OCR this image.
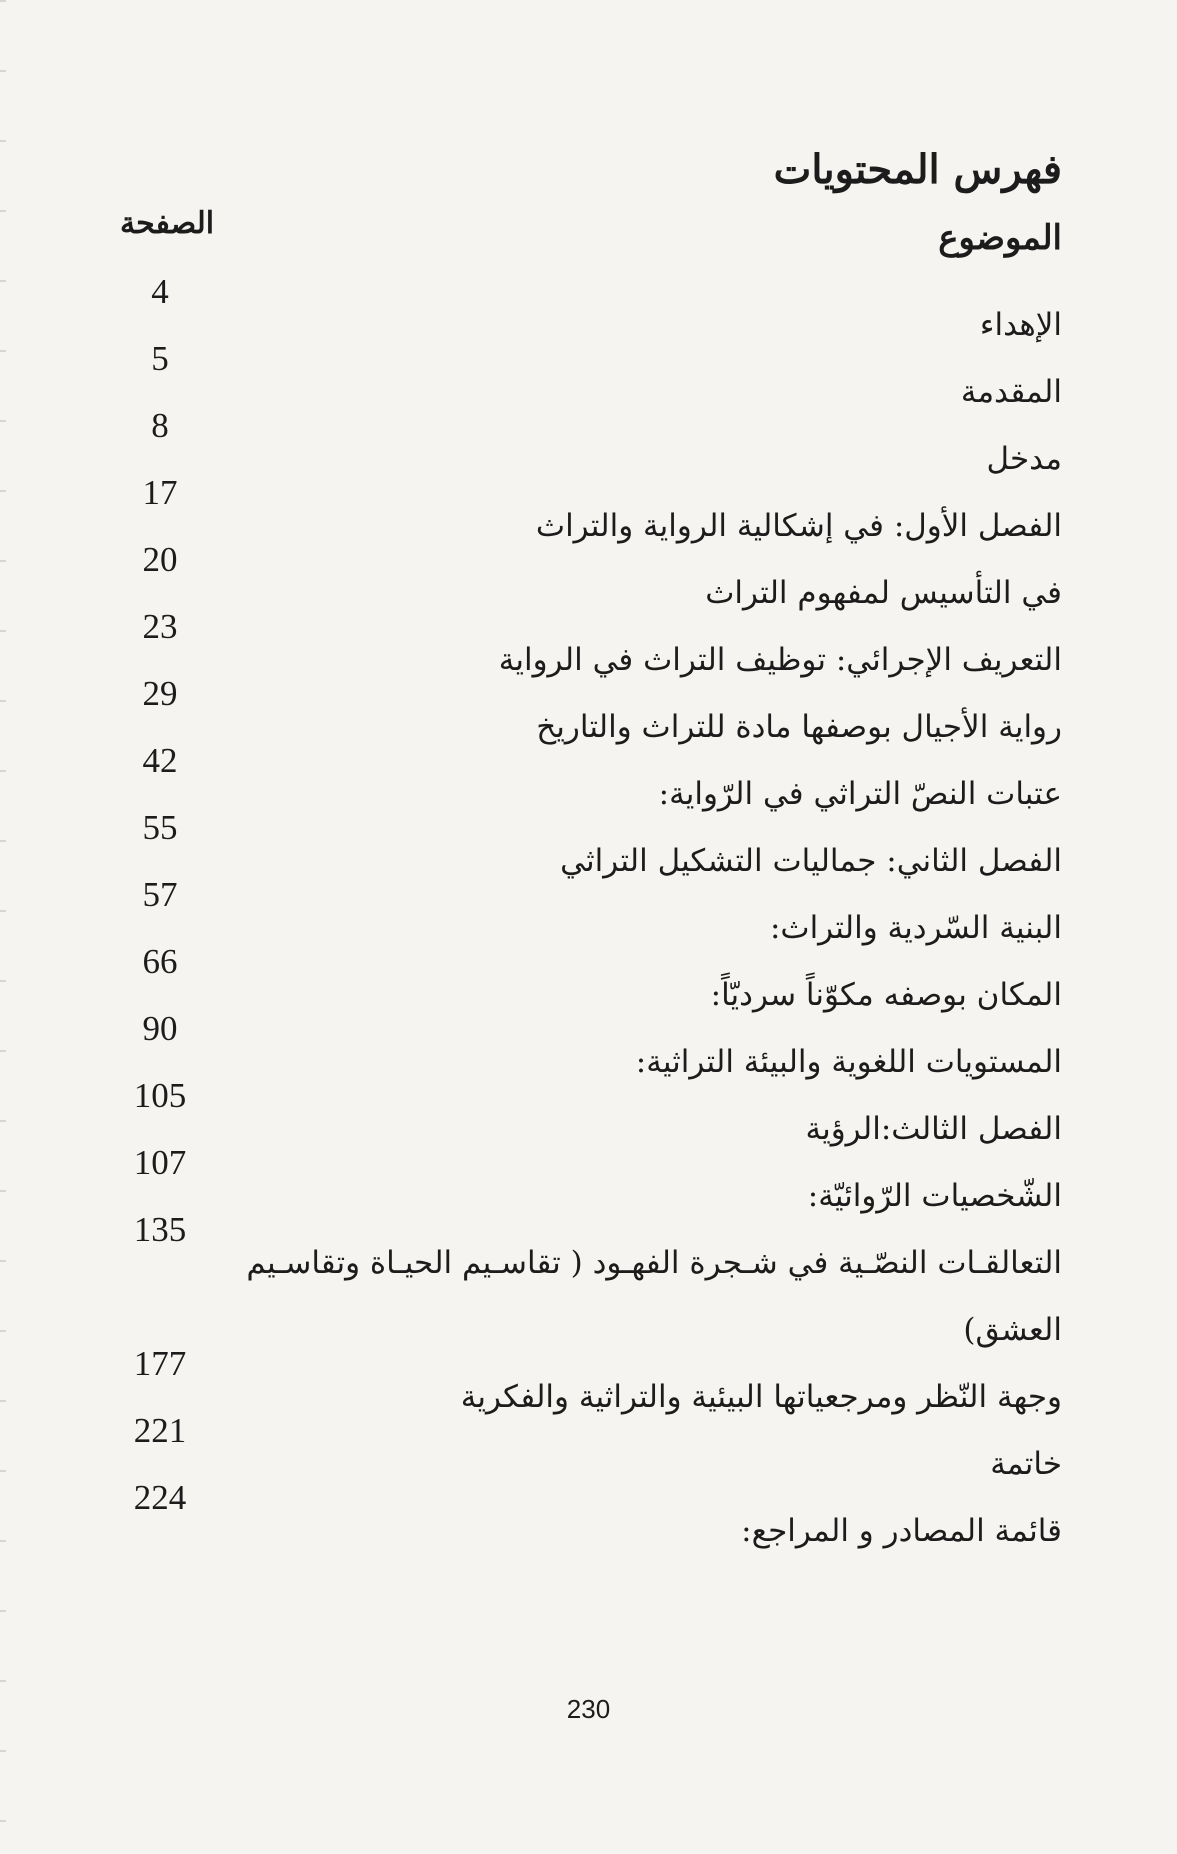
فهرس المحتويات
الموضوع
الصفحة
الإهداء
4
المقدمة
5
مدخل
8
الفصل الأول: في إشكالية الرواية والتراث
17
في التأسيس لمفهوم التراث
20
التعريف الإجرائي: توظيف التراث في الرواية
23
رواية الأجيال بوصفها مادة للتراث والتاريخ
29
عتبات النصّ التراثي في الرّواية:
42
الفصل الثاني: جماليات التشكيل التراثي
55
البنية السّردية والتراث:
57
المكان بوصفه مكوّناً سرديّاً:
66
المستويات اللغوية والبيئة التراثية:
90
الفصل الثالث:الرؤية
105
الشّخصيات الرّوائيّة:
107
التعالقـات النصّـية في شـجرة الفهـود ( تقاسـيم الحيـاة وتقاسـيم العشق)
135
وجهة النّظر ومرجعياتها البيئية والتراثية والفكرية
177
خاتمة
221
قائمة المصادر و المراجع:
224
230
